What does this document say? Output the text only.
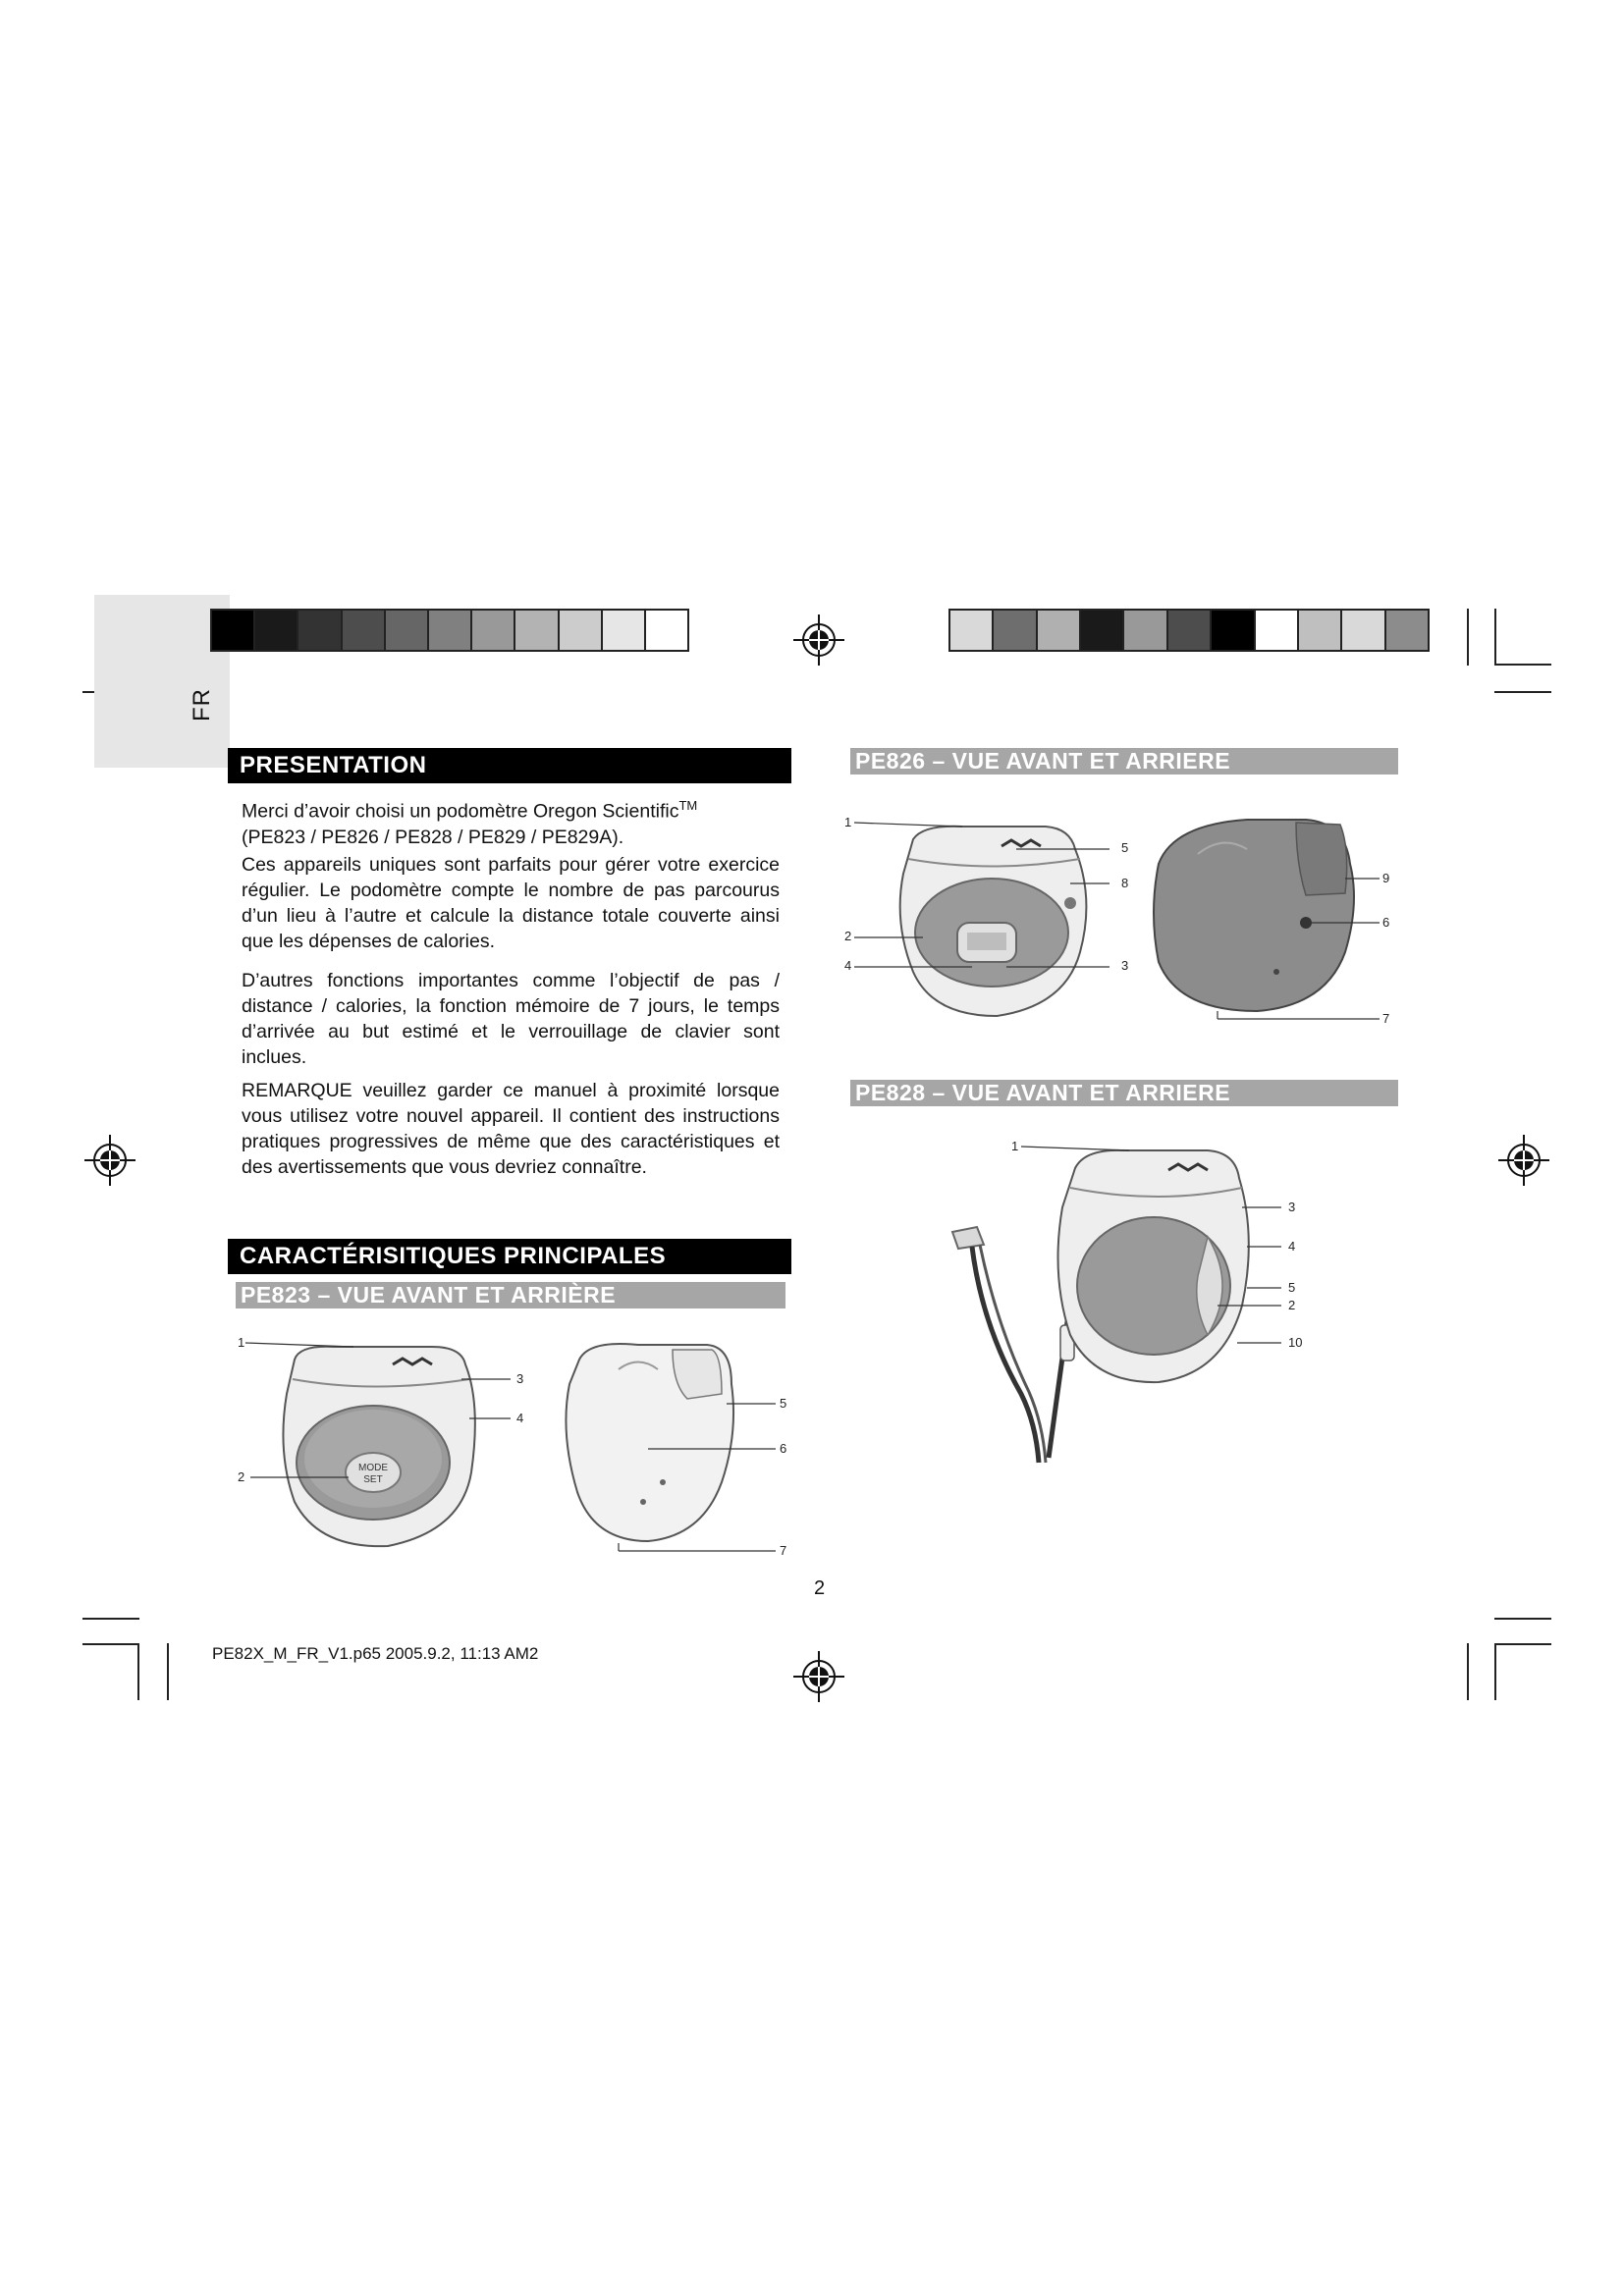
FR
PRESENTATION

Merci d’avoir choisi un podomètre Oregon Scientific™
(PE823 / PE826 / PE828 / PE829 / PE829A).

Ces appareils uniques sont parfaits pour gérer votre exercice régulier. Le podomètre compte le nombre de pas parcourus d’un lieu à l’autre et calcule la distance totale couverte ainsi que les dépenses de calories.

D’autres fonctions importantes comme l’objectif de pas / distance / calories, la fonction mémoire de 7 jours, le temps d’arrivée au but estimé et le verrouillage de clavier sont inclues.

REMARQUE veuillez garder ce manuel à proximité lorsque vous utilisez votre nouvel appareil. Il contient des instructions pratiques progressives de même que des caractéristiques et des avertissements que vous devriez connaître.

CARACTÉRISITIQUES PRINCIPALES
PE823 – VUE AVANT ET ARRIÈRE
MODE
SET
1
3
4
2
5
6
7
PE826 – VUE AVANT ET ARRIERE
1
5
8
2
4	3
9
6
7
PE828 – VUE AVANT ET ARRIERE
1
3
4
5
2
10
2
PE82X_M_FR_V1.p65 2005.9.2, 11:13 AM2
